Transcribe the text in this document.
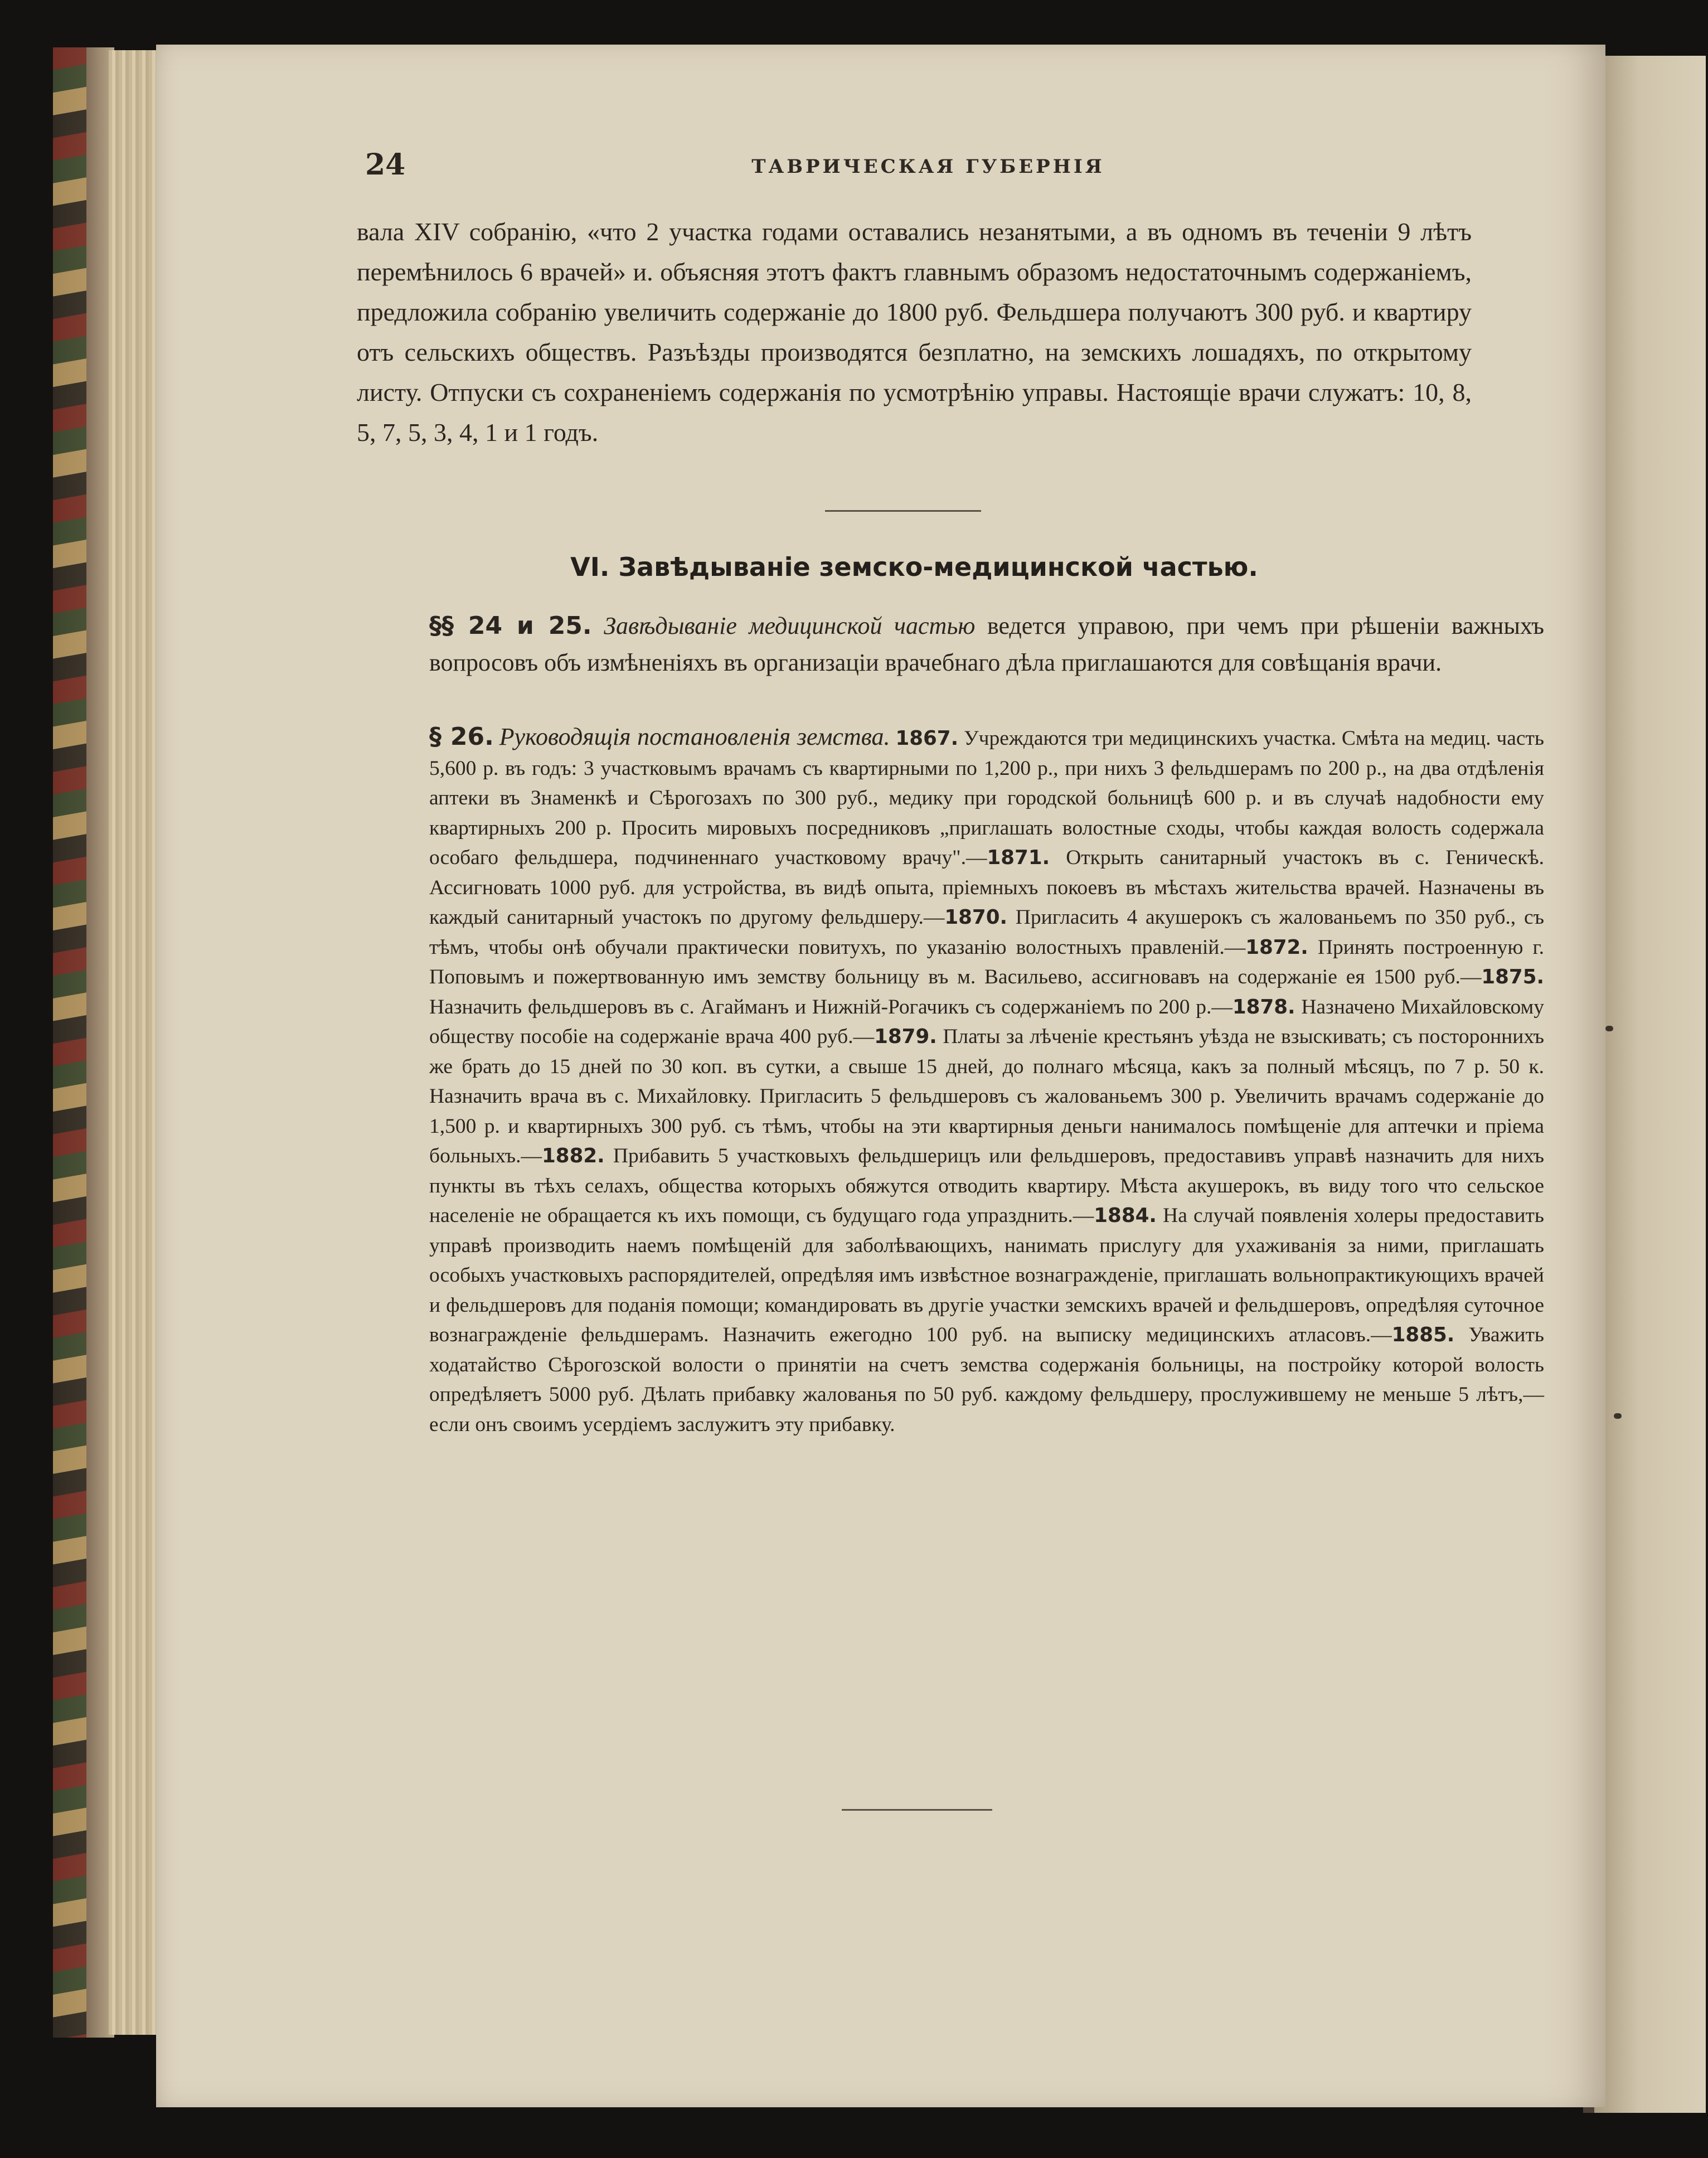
24	ТАВРИЧЕСКАЯ ГУБЕРНІЯ
вала XIV собранію, «что 2 участка годами оставались незанятыми, а въ одномъ въ теченіи 9 лѣтъ перемѣнилось 6 врачей» и. объясняя этотъ фактъ главнымъ образомъ недостаточнымъ содержаніемъ, предложила собранію увеличить содержаніе до 1800 руб. Фельдшера получаютъ 300 руб. и квартиру отъ сельскихъ обществъ. Разъѣзды производятся безплатно, на земскихъ лошадяхъ, по открытому листу. Отпуски съ сохраненіемъ содержанія по усмотрѣнію управы. Настоящіе врачи служатъ: 10, 8, 5, 7, 5, 3, 4, 1 и 1 годъ.
VI. Завѣдываніе земско-медицинской частью.
§§ 24 и 25. Завѣдываніе медицинской частью ведется управою, при чемъ при рѣшеніи важныхъ вопросовъ объ измѣненіяхъ въ организаціи врачебнаго дѣла приглашаются для совѣщанія врачи.
§ 26. Руководящія постановленія земства. 1867. Учреждаются три медицинскихъ участка. Смѣта на медиц. часть 5,600 р. въ годъ: 3 участковымъ врачамъ съ квартирными по 1,200 р., при нихъ 3 фельдшерамъ по 200 р., на два отдѣленія аптеки въ Знаменкѣ и Сѣрогозахъ по 300 руб., медику при городской больницѣ 600 р. и въ случаѣ надобности ему квартирныхъ 200 р. Просить мировыхъ посредниковъ „приглашать волостные сходы, чтобы каждая волость содержала особаго фельдшера, подчиненнаго участковому врачу".—1871. Открыть санитарный участокъ въ с. Геническѣ. Ассигновать 1000 руб. для устройства, въ видѣ опыта, пріемныхъ покоевъ въ мѣстахъ жительства врачей. Назначены въ каждый санитарный участокъ по другому фельдшеру.—1870. Пригласить 4 акушерокъ съ жалованьемъ по 350 руб., съ тѣмъ, чтобы онѣ обучали практически повитухъ, по указанію волостныхъ правленій.—1872. Принять построенную г. Поповымъ и пожертвованную имъ земству больницу въ м. Васильево, ассигновавъ на содержаніе ея 1500 руб.—1875. Назначить фельдшеровъ въ с. Агайманъ и Нижній-Рогачикъ съ содержаніемъ по 200 р.—1878. Назначено Михайловскому обществу пособіе на содержаніе врача 400 руб.—1879. Платы за лѣченіе крестьянъ уѣзда не взыскивать; съ постороннихъ же брать до 15 дней по 30 коп. въ сутки, а свыше 15 дней, до полнаго мѣсяца, какъ за полный мѣсяцъ, по 7 р. 50 к. Назначить врача въ с. Михайловку. Пригласить 5 фельдшеровъ съ жалованьемъ 300 р. Увеличить врачамъ содержаніе до 1,500 р. и квартирныхъ 300 руб. съ тѣмъ, чтобы на эти квартирныя деньги нанималось помѣщеніе для аптечки и пріема больныхъ.—1882. Прибавить 5 участковыхъ фельдшерицъ или фельдшеровъ, предоставивъ управѣ назначить для нихъ пункты въ тѣхъ селахъ, общества которыхъ обяжутся отводить квартиру. Мѣста акушерокъ, въ виду того что сельское населеніе не обращается къ ихъ помощи, съ будущаго года упразднить.—1884. На случай появленія холеры предоставить управѣ производить наемъ помѣщеній для заболѣвающихъ, нанимать прислугу для ухаживанія за ними, приглашать особыхъ участковыхъ распорядителей, опредѣляя имъ извѣстное вознагражденіе, приглашать вольнопрактикующихъ врачей и фельдшеровъ для поданія помощи; командировать въ другіе участки земскихъ врачей и фельдшеровъ, опредѣляя суточное вознагражденіе фельдшерамъ. Назначить ежегодно 100 руб. на выписку медицинскихъ атласовъ.—1885. Уважить ходатайство Сѣрогозской волости о принятіи на счетъ земства содержанія больницы, на постройку которой волость опредѣляетъ 5000 руб. Дѣлать прибавку жалованья по 50 руб. каждому фельдшеру, прослужившему не меньше 5 лѣтъ,—если онъ своимъ усердіемъ заслужитъ эту прибавку.
